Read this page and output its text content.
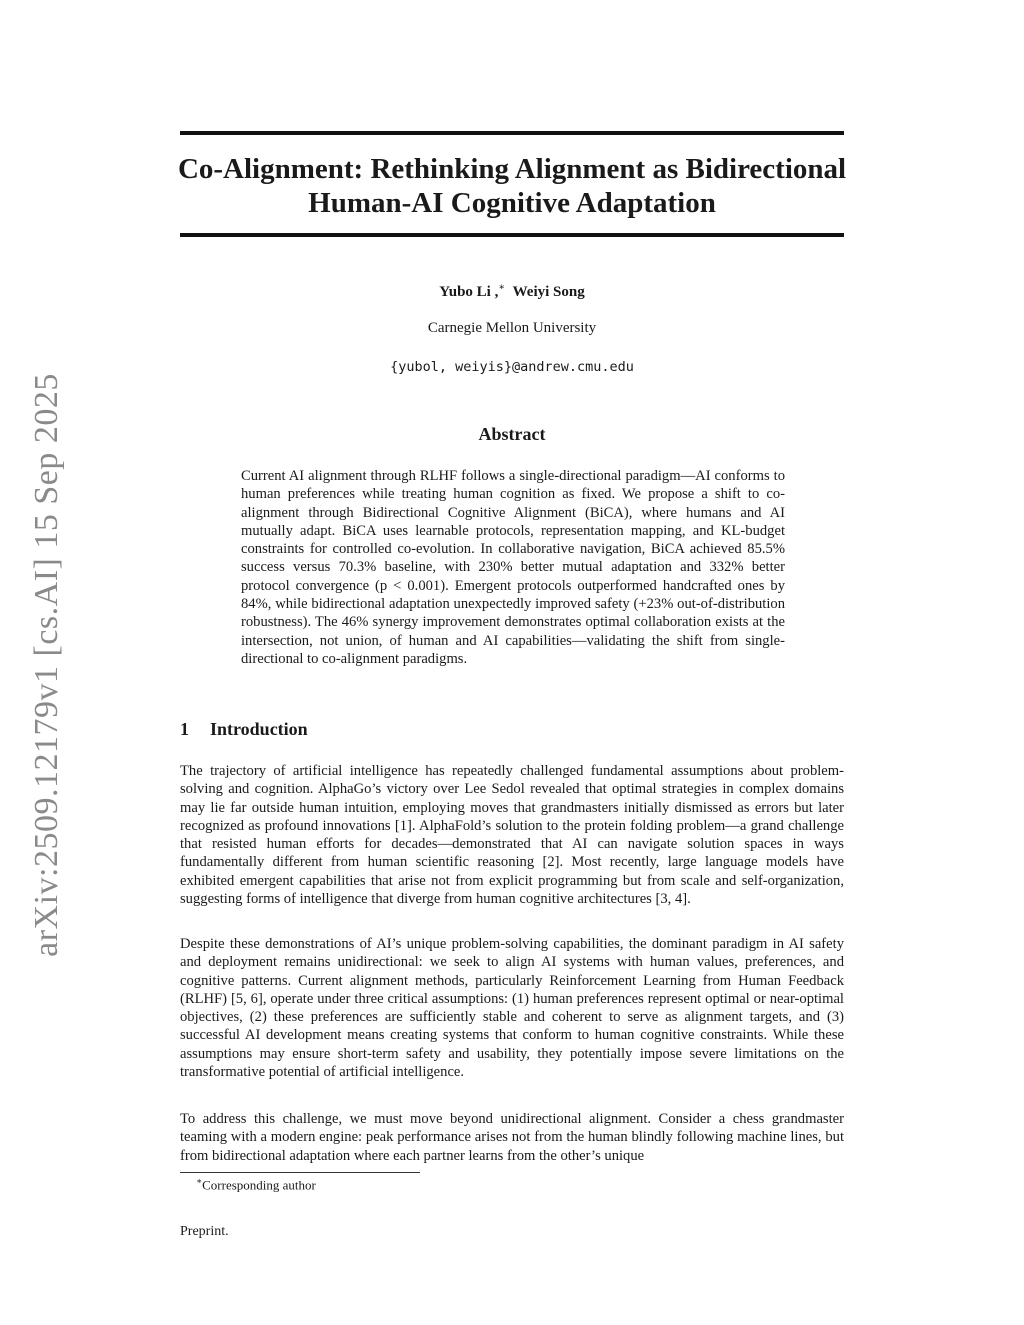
arXiv:2509.12179v1 [cs.AI] 15 Sep 2025
Co-Alignment: Rethinking Alignment as Bidirectional
Human-AI Cognitive Adaptation
Yubo Li ,∗ Weiyi Song
Carnegie Mellon University
{yubol, weiyis}@andrew.cmu.edu
Abstract

Current AI alignment through RLHF follows a single-directional paradigm—AI conforms to human preferences while treating human cognition as fixed. We propose a shift to co-alignment through Bidirectional Cognitive Alignment (BiCA), where humans and AI mutually adapt. BiCA uses learnable protocols, representation mapping, and KL-budget constraints for controlled co-evolution. In collaborative navigation, BiCA achieved 85.5% success versus 70.3% baseline, with 230% better mutual adaptation and 332% better protocol convergence (p < 0.001). Emergent protocols outperformed handcrafted ones by 84%, while bidirectional adaptation unexpectedly improved safety (+23% out-of-distribution robustness). The 46% synergy improvement demonstrates optimal collaboration exists at the intersection, not union, of human and AI capabilities—validating the shift from single-directional to co-alignment paradigms.

1 Introduction

The trajectory of artificial intelligence has repeatedly challenged fundamental assumptions about problem-solving and cognition. AlphaGo’s victory over Lee Sedol revealed that optimal strategies in complex domains may lie far outside human intuition, employing moves that grandmasters initially dismissed as errors but later recognized as profound innovations [1]. AlphaFold’s solution to the protein folding problem—a grand challenge that resisted human efforts for decades—demonstrated that AI can navigate solution spaces in ways fundamentally different from human scientific reasoning [2]. Most recently, large language models have exhibited emergent capabilities that arise not from explicit programming but from scale and self-organization, suggesting forms of intelligence that diverge from human cognitive architectures [3, 4].

Despite these demonstrations of AI’s unique problem-solving capabilities, the dominant paradigm in AI safety and deployment remains unidirectional: we seek to align AI systems with human values, preferences, and cognitive patterns. Current alignment methods, particularly Reinforcement Learning from Human Feedback (RLHF) [5, 6], operate under three critical assumptions: (1) human preferences represent optimal or near-optimal objectives, (2) these preferences are sufficiently stable and coherent to serve as alignment targets, and (3) successful AI development means creating systems that conform to human cognitive constraints. While these assumptions may ensure short-term safety and usability, they potentially impose severe limitations on the transformative potential of artificial intelligence.

To address this challenge, we must move beyond unidirectional alignment. Consider a chess grandmaster teaming with a modern engine: peak performance arises not from the human blindly following machine lines, but from bidirectional adaptation where each partner learns from the other’s unique

∗Corresponding author
Preprint.
